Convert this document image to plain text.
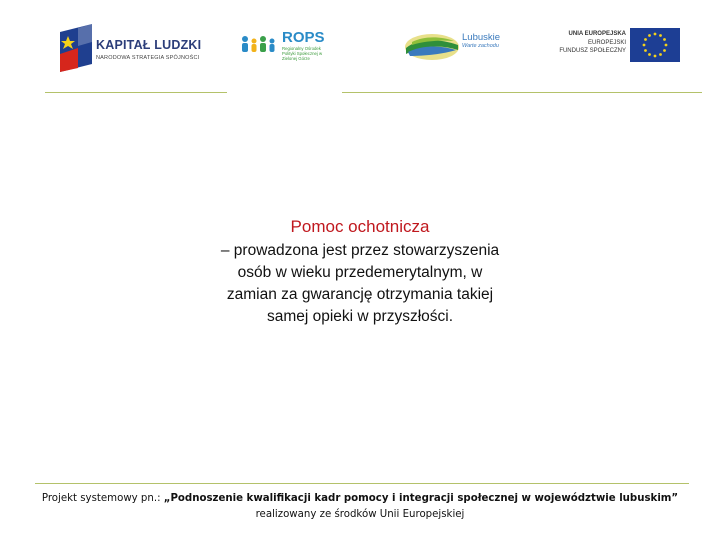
KAPITAŁ LUDZKI
NARODOWA STRATEGIA SPÓJNOŚCI
ROPS
Regionalny Ośrodek Polityki Społecznej w Zielonej Górze
Lubuskie
Warte zachodu
UNIA EUROPEJSKA
EUROPEJSKI
FUNDUSZ SPOŁECZNY
Pomoc ochotnicza
– prowadzona jest przez stowarzyszenia
osób w wieku przedemerytalnym, w
zamian za gwarancję otrzymania takiej
samej opieki w przyszłości.
Projekt systemowy pn.: „Podnoszenie kwalifikacji kadr pomocy i integracji społecznej w województwie lubuskim”
realizowany ze środków Unii Europejskiej
